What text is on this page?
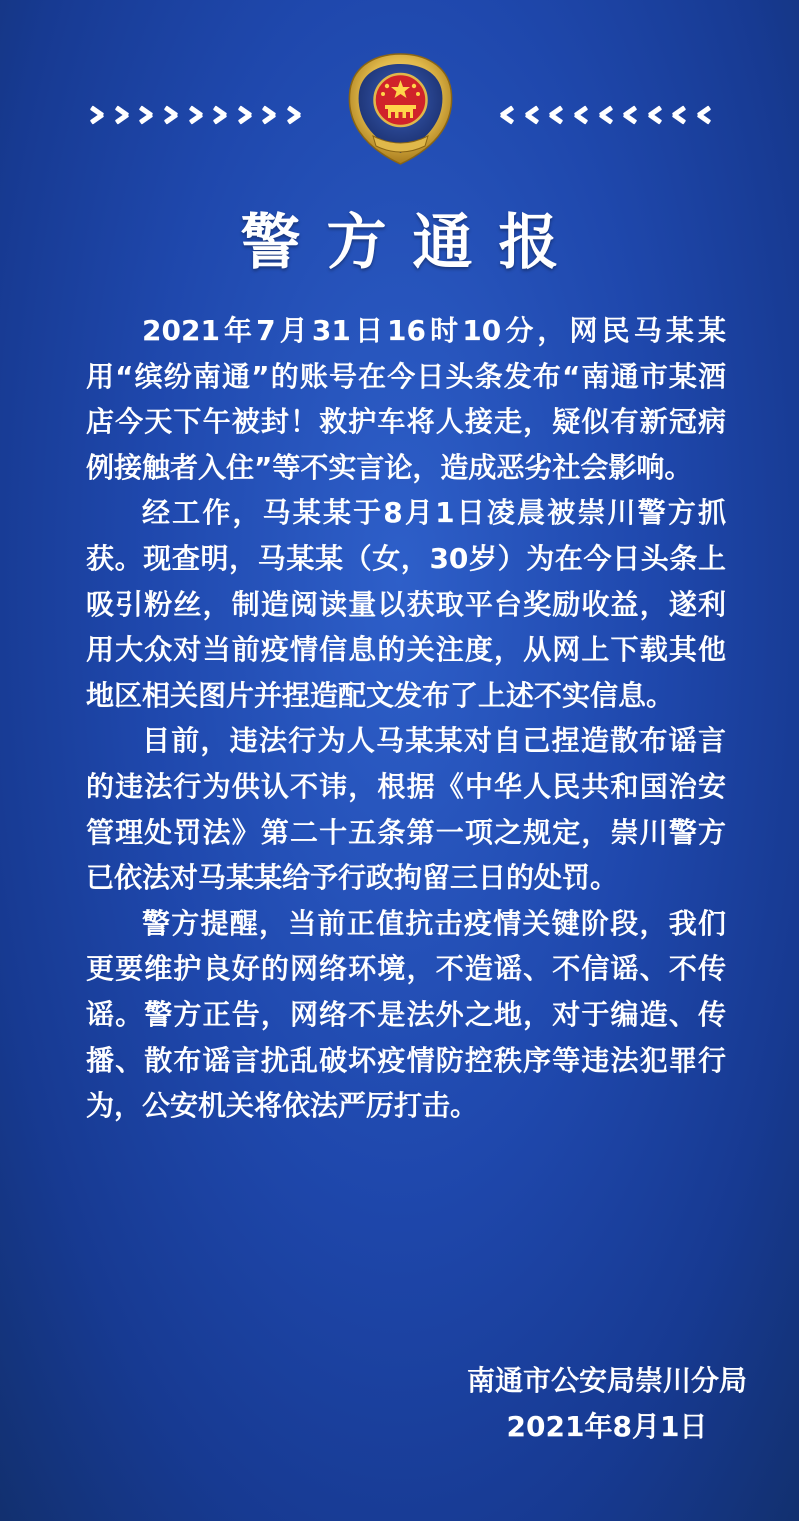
警方通报

2021年7月31日16时10分，网民马某某用“缤纷南通”的账号在今日头条发布“南通市某酒店今天下午被封！救护车将人接走，疑似有新冠病例接触者入住”等不实言论，造成恶劣社会影响。

经工作，马某某于8月1日凌晨被崇川警方抓获。现查明，马某某（女，30岁）为在今日头条上吸引粉丝，制造阅读量以获取平台奖励收益，遂利用大众对当前疫情信息的关注度，从网上下载其他地区相关图片并捏造配文发布了上述不实信息。

目前，违法行为人马某某对自己捏造散布谣言的违法行为供认不讳，根据《中华人民共和国治安管理处罚法》第二十五条第一项之规定，崇川警方已依法对马某某给予行政拘留三日的处罚。

警方提醒，当前正值抗击疫情关键阶段，我们更要维护良好的网络环境，不造谣、不信谣、不传谣。警方正告，网络不是法外之地，对于编造、传播、散布谣言扰乱破坏疫情防控秩序等违法犯罪行为，公安机关将依法严厉打击。

南通市公安局崇川分局
2021年8月1日
